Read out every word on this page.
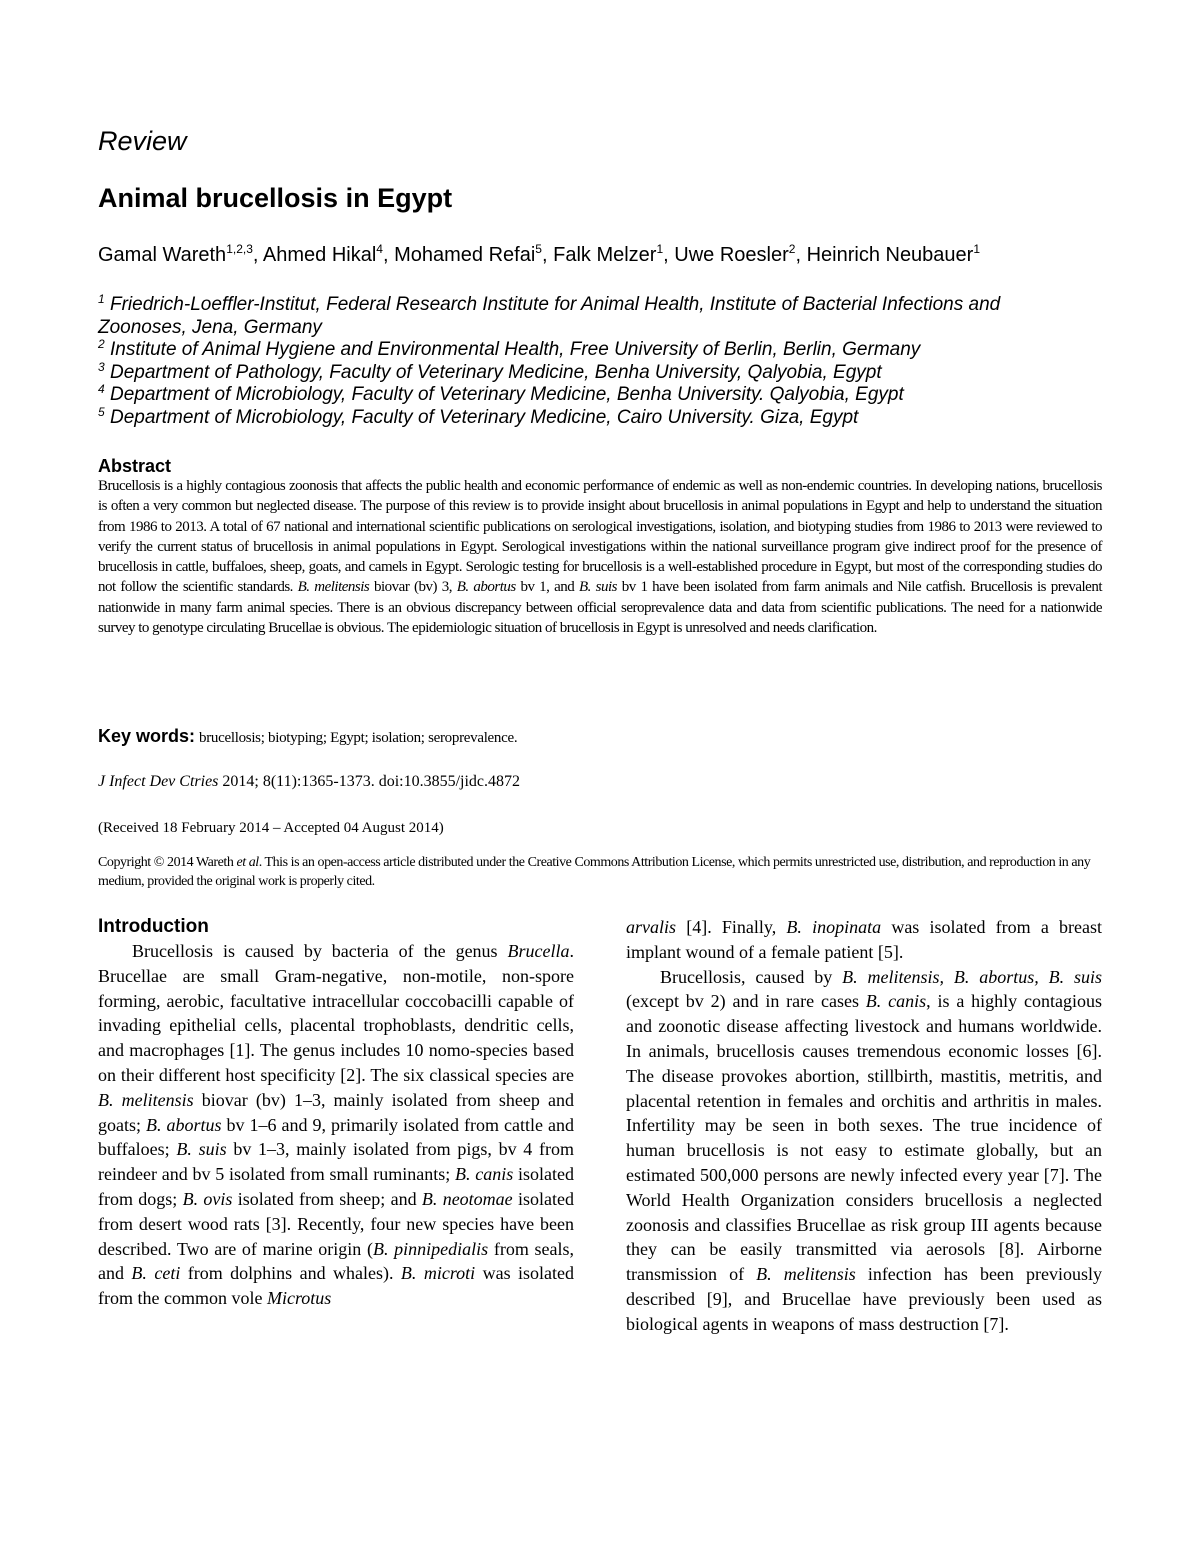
Review
Animal brucellosis in Egypt
Gamal Wareth$^{1,2,3}$, Ahmed Hikal$^4$, Mohamed Refai$^5$, Falk Melzer$^1$, Uwe Roesler$^2$, Heinrich Neubauer$^1$
$^1$ Friedrich-Loeffler-Institut, Federal Research Institute for Animal Health, Institute of Bacterial Infections and Zoonoses, Jena, Germany
$^2$ Institute of Animal Hygiene and Environmental Health, Free University of Berlin, Berlin, Germany
$^3$ Department of Pathology, Faculty of Veterinary Medicine, Benha University, Qalyobia, Egypt
$^4$ Department of Microbiology, Faculty of Veterinary Medicine, Benha University. Qalyobia, Egypt
$^5$ Department of Microbiology, Faculty of Veterinary Medicine, Cairo University. Giza, Egypt
Abstract
Brucellosis is a highly contagious zoonosis that affects the public health and economic performance of endemic as well as non-endemic countries. In developing nations, brucellosis is often a very common but neglected disease. The purpose of this review is to provide insight about brucellosis in animal populations in Egypt and help to understand the situation from 1986 to 2013. A total of 67 national and international scientific publications on serological investigations, isolation, and biotyping studies from 1986 to 2013 were reviewed to verify the current status of brucellosis in animal populations in Egypt. Serological investigations within the national surveillance program give indirect proof for the presence of brucellosis in cattle, buffaloes, sheep, goats, and camels in Egypt. Serologic testing for brucellosis is a well-established procedure in Egypt, but most of the corresponding studies do not follow the scientific standards. B. melitensis biovar (bv) 3, B. abortus bv 1, and B. suis bv 1 have been isolated from farm animals and Nile catfish. Brucellosis is prevalent nationwide in many farm animal species. There is an obvious discrepancy between official seroprevalence data and data from scientific publications. The need for a nationwide survey to genotype circulating Brucellae is obvious. The epidemiologic situation of brucellosis in Egypt is unresolved and needs clarification.
Key words: brucellosis; biotyping; Egypt; isolation; seroprevalence.
J Infect Dev Ctries 2014; 8(11):1365-1373. doi:10.3855/jidc.4872
(Received 18 February 2014 – Accepted 04 August 2014)
Copyright © 2014 Wareth et al. This is an open-access article distributed under the Creative Commons Attribution License, which permits unrestricted use, distribution, and reproduction in any medium, provided the original work is properly cited.
Introduction

Brucellosis is caused by bacteria of the genus Brucella. Brucellae are small Gram-negative, non-motile, non-spore forming, aerobic, facultative intracellular coccobacilli capable of invading epithelial cells, placental trophoblasts, dendritic cells, and macrophages [1]. The genus includes 10 nomo-species based on their different host specificity [2]. The six classical species are B. melitensis biovar (bv) 1–3, mainly isolated from sheep and goats; B. abortus bv 1–6 and 9, primarily isolated from cattle and buffaloes; B. suis bv 1–3, mainly isolated from pigs, bv 4 from reindeer and bv 5 isolated from small ruminants; B. canis isolated from dogs; B. ovis isolated from sheep; and B. neotomae isolated from desert wood rats [3]. Recently, four new species have been described. Two are of marine origin (B. pinnipedialis from seals, and B. ceti from dolphins and whales). B. microti was isolated from the common vole Microtus

arvalis [4]. Finally, B. inopinata was isolated from a breast implant wound of a female patient [5].

Brucellosis, caused by B. melitensis, B. abortus, B. suis (except bv 2) and in rare cases B. canis, is a highly contagious and zoonotic disease affecting livestock and humans worldwide. In animals, brucellosis causes tremendous economic losses [6]. The disease provokes abortion, stillbirth, mastitis, metritis, and placental retention in females and orchitis and arthritis in males. Infertility may be seen in both sexes. The true incidence of human brucellosis is not easy to estimate globally, but an estimated 500,000 persons are newly infected every year [7]. The World Health Organization considers brucellosis a neglected zoonosis and classifies Brucellae as risk group III agents because they can be easily transmitted via aerosols [8]. Airborne transmission of B. melitensis infection has been previously described [9], and Brucellae have previously been used as biological agents in weapons of mass destruction [7].
